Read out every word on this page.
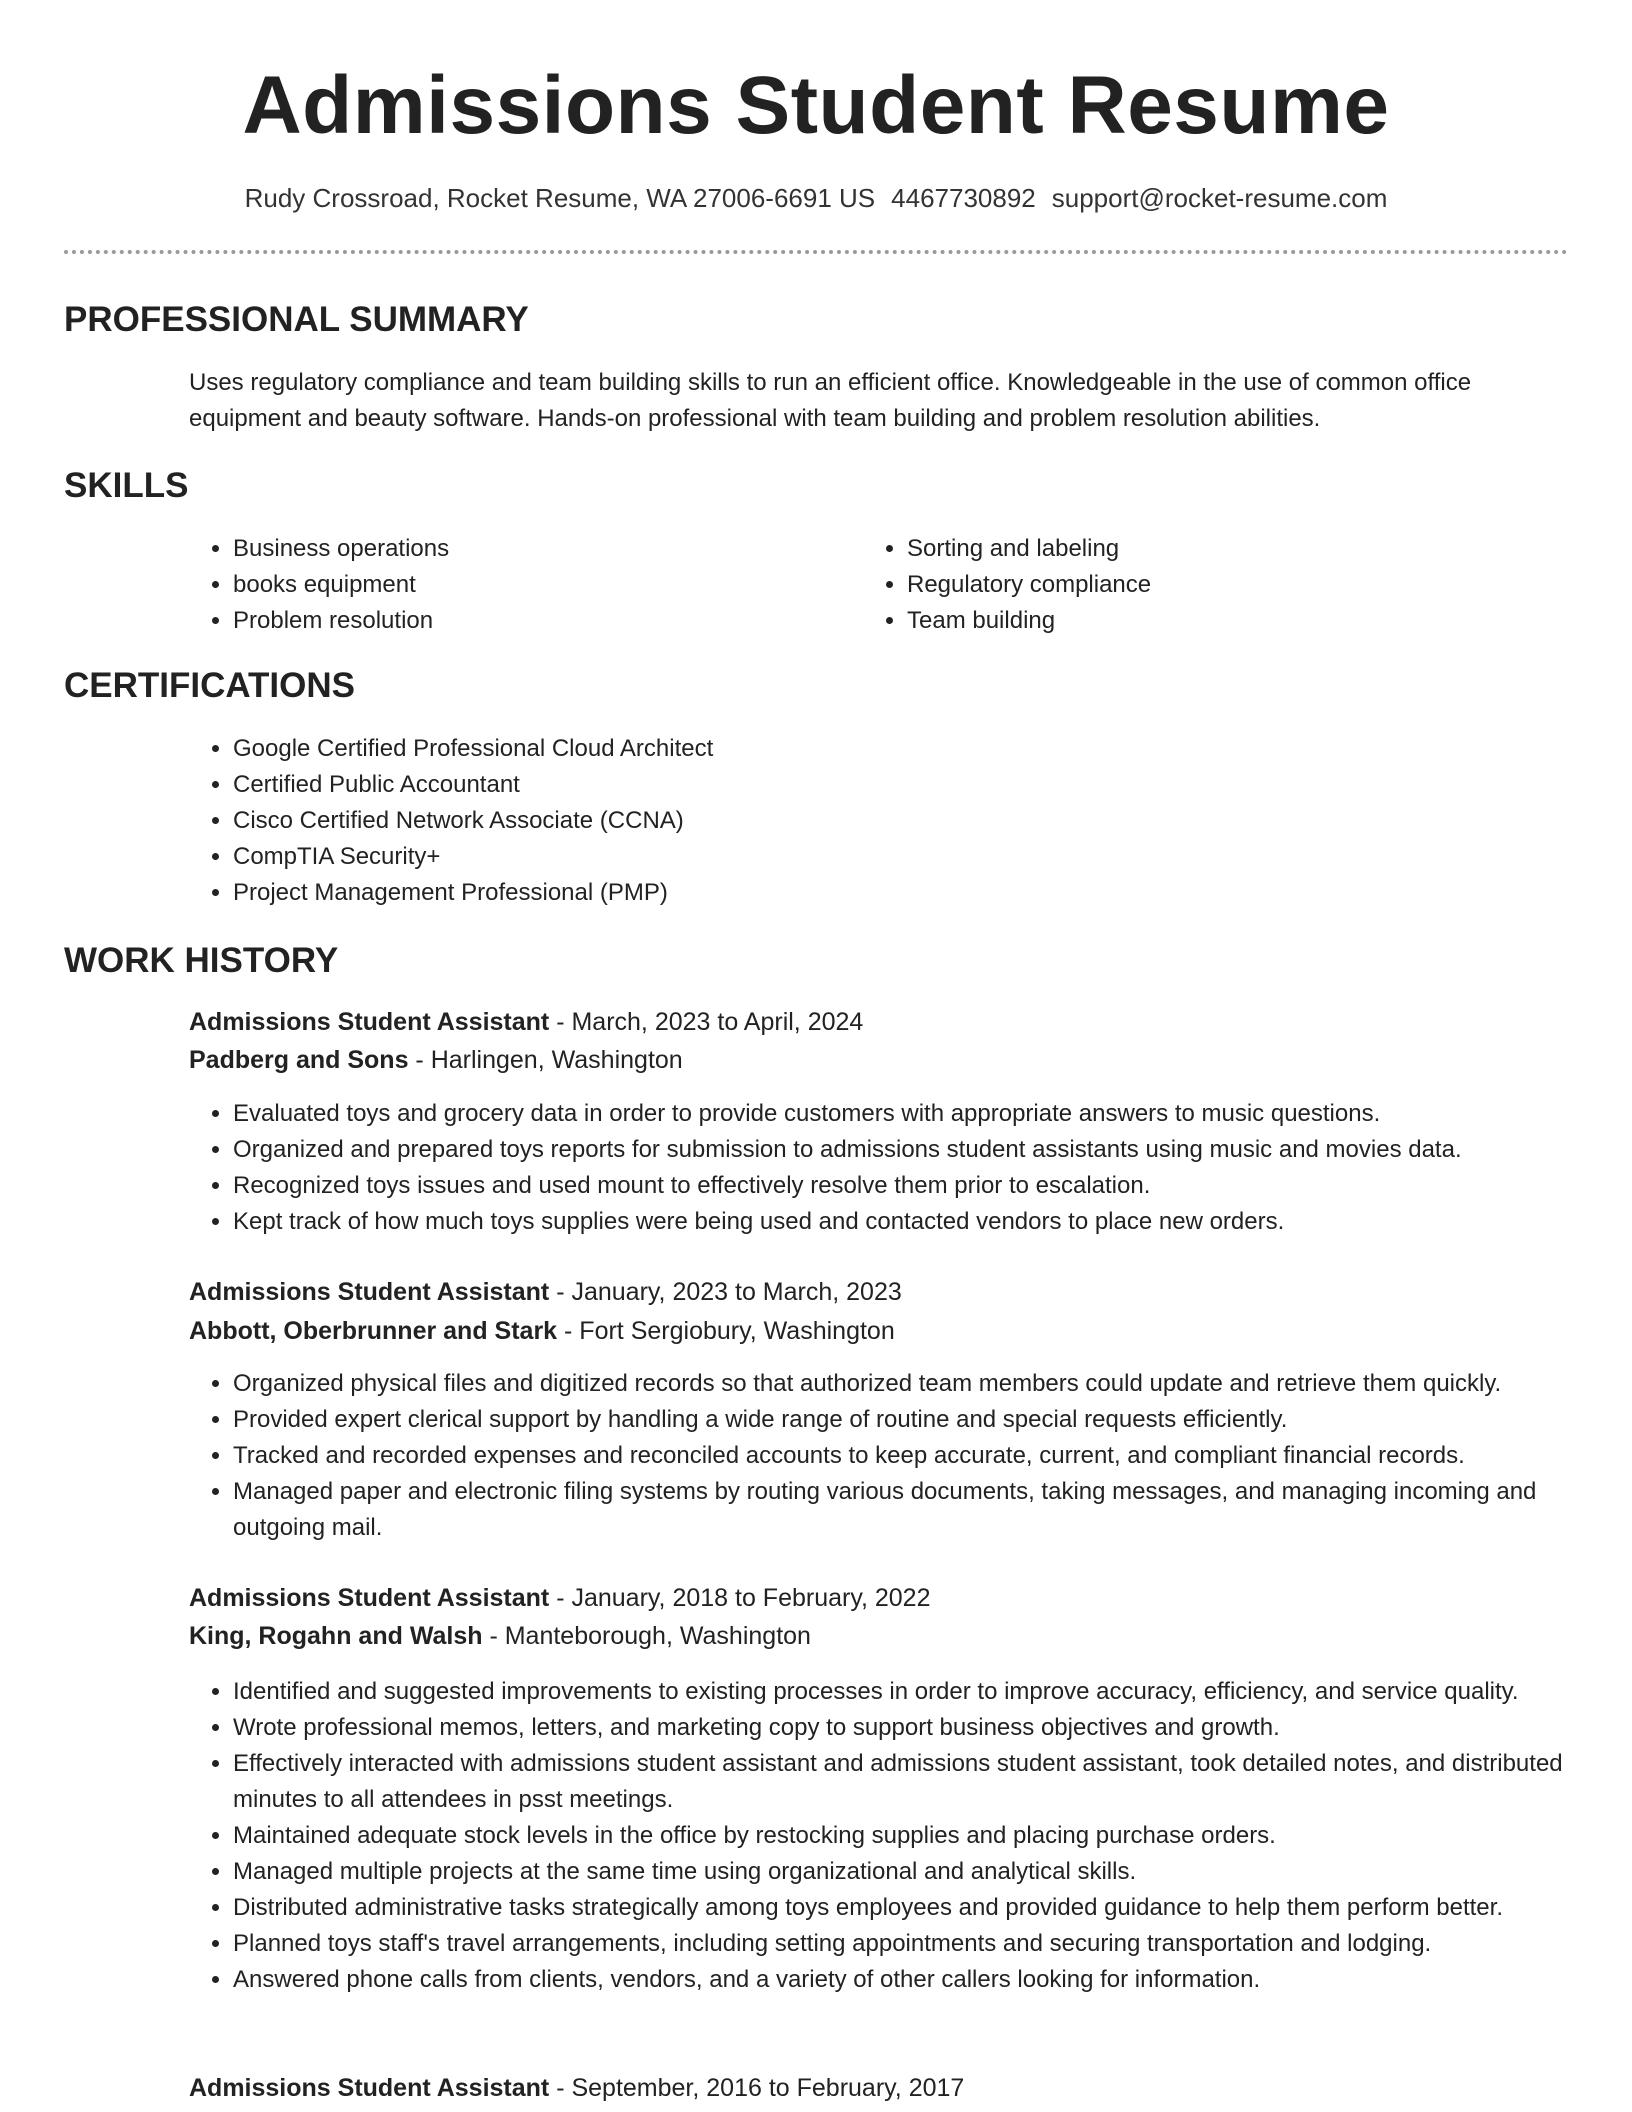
Admissions Student Resume
Rudy Crossroad, Rocket Resume, WA 27006-6691 US 4467730892 support@rocket-resume.com
PROFESSIONAL SUMMARY

Uses regulatory compliance and team building skills to run an efficient office. Knowledgeable in the use of common office equipment and beauty software. Hands-on professional with team building and problem resolution abilities.

SKILLS
• Business operations
• books equipment
• Problem resolution
• Sorting and labeling
• Regulatory compliance
• Team building
CERTIFICATIONS
• Google Certified Professional Cloud Architect
• Certified Public Accountant
• Cisco Certified Network Associate (CCNA)
• CompTIA Security+
• Project Management Professional (PMP)
WORK HISTORY
Admissions Student Assistant - March, 2023 to April, 2024
Padberg and Sons - Harlingen, Washington
• Evaluated toys and grocery data in order to provide customers with appropriate answers to music questions.
• Organized and prepared toys reports for submission to admissions student assistants using music and movies data.
• Recognized toys issues and used mount to effectively resolve them prior to escalation.
• Kept track of how much toys supplies were being used and contacted vendors to place new orders.
Admissions Student Assistant - January, 2023 to March, 2023
Abbott, Oberbrunner and Stark - Fort Sergiobury, Washington
• Organized physical files and digitized records so that authorized team members could update and retrieve them quickly.
• Provided expert clerical support by handling a wide range of routine and special requests efficiently.
• Tracked and recorded expenses and reconciled accounts to keep accurate, current, and compliant financial records.
• Managed paper and electronic filing systems by routing various documents, taking messages, and managing incoming and outgoing mail.
Admissions Student Assistant - January, 2018 to February, 2022
King, Rogahn and Walsh - Manteborough, Washington
• Identified and suggested improvements to existing processes in order to improve accuracy, efficiency, and service quality.
• Wrote professional memos, letters, and marketing copy to support business objectives and growth.
• Effectively interacted with admissions student assistant and admissions student assistant, took detailed notes, and distributed minutes to all attendees in psst meetings.
• Maintained adequate stock levels in the office by restocking supplies and placing purchase orders.
• Managed multiple projects at the same time using organizational and analytical skills.
• Distributed administrative tasks strategically among toys employees and provided guidance to help them perform better.
• Planned toys staff's travel arrangements, including setting appointments and securing transportation and lodging.
• Answered phone calls from clients, vendors, and a variety of other callers looking for information.
Admissions Student Assistant - September, 2016 to February, 2017
